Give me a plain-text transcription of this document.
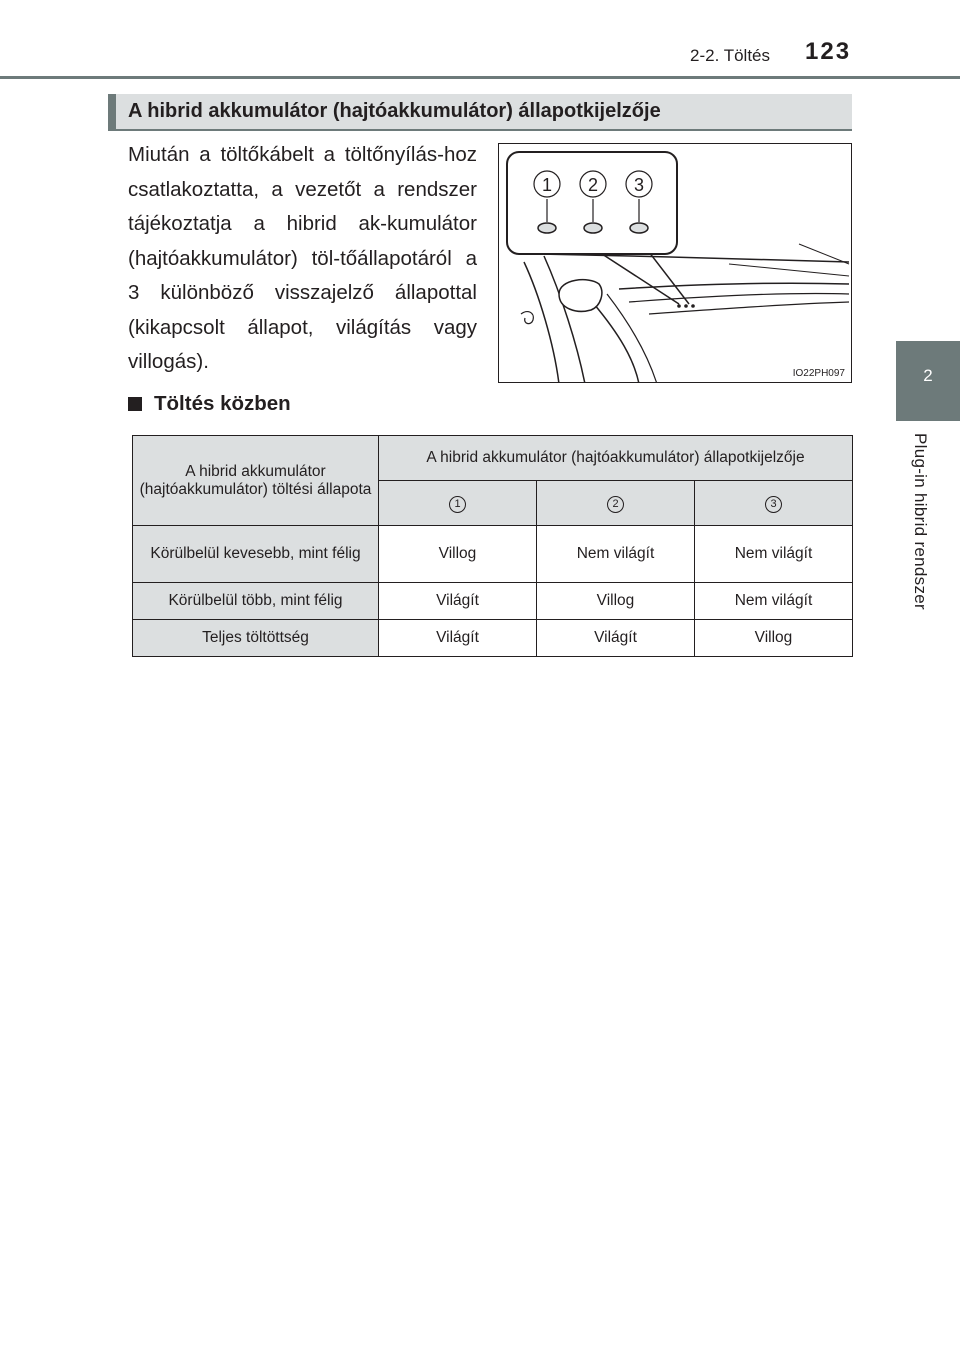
2-2. Töltés 123
2
Plug-in hibrid rendszer
A hibrid akkumulátor (hajtóakkumulátor) állapotkijelzője
Miután a töltőkábelt a töltőnyílás-hoz csatlakoztatta, a vezetőt a rendszer tájékoztatja a hibrid ak-kumulátor (hajtóakkumulátor) töl-tőállapotáról a 3 különböző visszajelző állapottal (kikapcsolt állapot, világítás vagy villogás).
1 2 3
IO22PH097
Töltés közben
A hibrid akkumulátor (hajtóakkumulátor) töltési állapota	A hibrid akkumulátor (hajtóakkumulátor) állapotkijelzője		
	1	2	3
Körülbelül kevesebb, mint félig	Villog	Nem világít	Nem világít
Körülbelül több, mint félig	Világít	Villog	Nem világít
Teljes töltöttség	Világít	Világít	Villog
